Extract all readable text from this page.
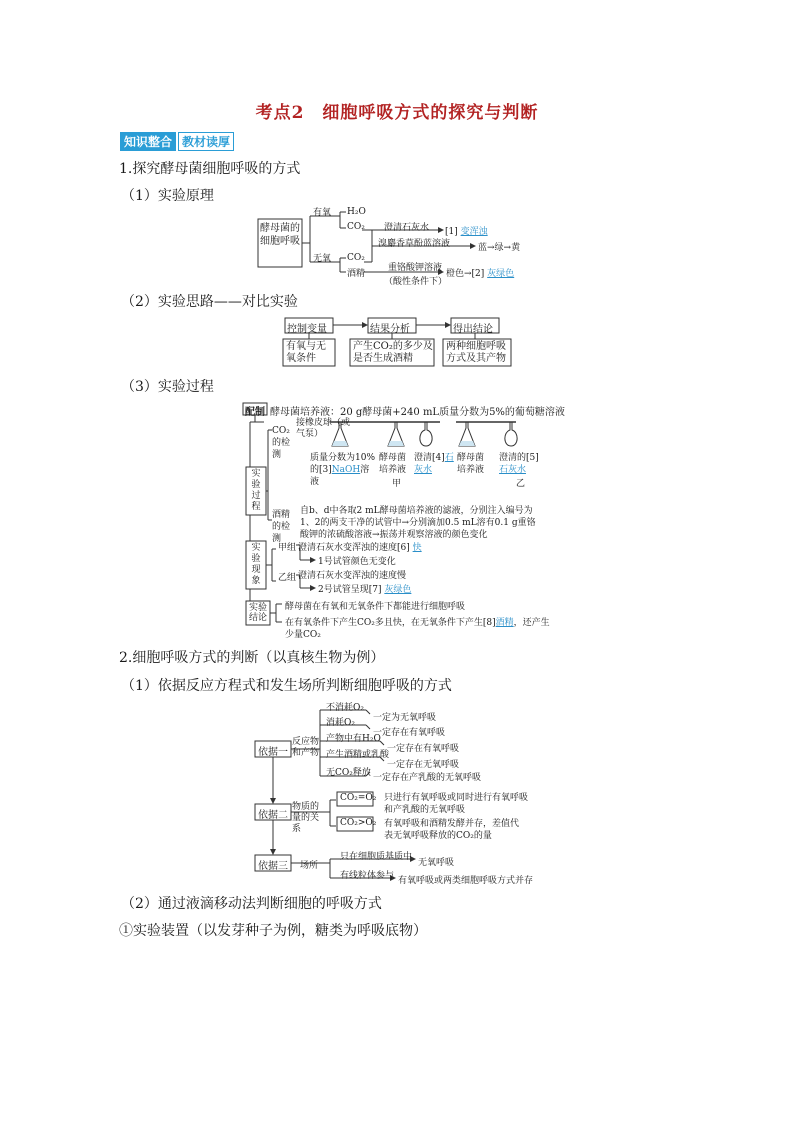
考点2　细胞呼吸方式的探究与判断
知识整合 教材读厚
1.探究酵母菌细胞呼吸的方式
（1）实验原理
酵母菌的细胞呼吸
有氧
无氧
H₂O
CO₂
CO₂
酒精
澄清石灰水 [1] 变浑浊
溴麝香草酚蓝溶液	蓝→绿→黄
重铬酸钾溶液
（酸性条件下）
橙色→[2] 灰绿色
（2）实验思路——对比实验
控制变量	结果分析	得出结论
有氧与无氧条件
产生CO₂的多少及是否生成酒精
两种细胞呼吸方式及其产物
（3）实验过程
配制 酵母菌培养液：20 g酵母菌+240 mL质量分数为5%的葡萄糖溶液
CO₂的检测
接橡皮球（或气泵）
质量分数为10%的[3]NaOH溶液
酵母菌培养液
甲
澄清[4]石灰水
酵母菌培养液
乙
澄清的[5]石灰水
实验过程
酒精的检测
自b、d中各取2 mL酵母菌培养液的滤液，分别注入编号为
1、2的两支干净的试管中→分别滴加0.5 mL溶有0.1 g重铬
酸钾的浓硫酸溶液→振荡并观察溶液的颜色变化
实验现象
甲组 澄清石灰水变浑浊的速度[6] 快
1号试管颜色无变化
乙组 澄清石灰水变浑浊的速度慢
2号试管呈现[7] 灰绿色
实验结论
酵母菌在有氧和无氧条件下都能进行细胞呼吸
在有氧条件下产生CO₂多且快，在无氧条件下产生[8]酒精，还产生
少量CO₂
2.细胞呼吸方式的判断（以真核生物为例）
（1）依据反应方程式和发生场所判断细胞呼吸的方式
依据一
依据二
依据三
反应物和产物
不消耗O₂
一定为无氧呼吸
消耗O₂
一定存在有氧呼吸
产物中有H₂O
一定存在有氧呼吸
产生酒精或乳酸
一定存在无氧呼吸
无CO₂释放 一定存在产乳酸的无氧呼吸
物质的量的关系
CO₂=O₂ 只进行有氧呼吸或同时进行有氧呼吸
和产乳酸的无氧呼吸
CO₂>O₂ 有氧呼吸和酒精发酵并存，差值代
表无氧呼吸释放的CO₂的量
场所
只在细胞质基质中
无氧呼吸
有线粒体参与 有氧呼吸或两类细胞呼吸方式并存
（2）通过液滴移动法判断细胞的呼吸方式
①实验装置（以发芽种子为例，糖类为呼吸底物）
